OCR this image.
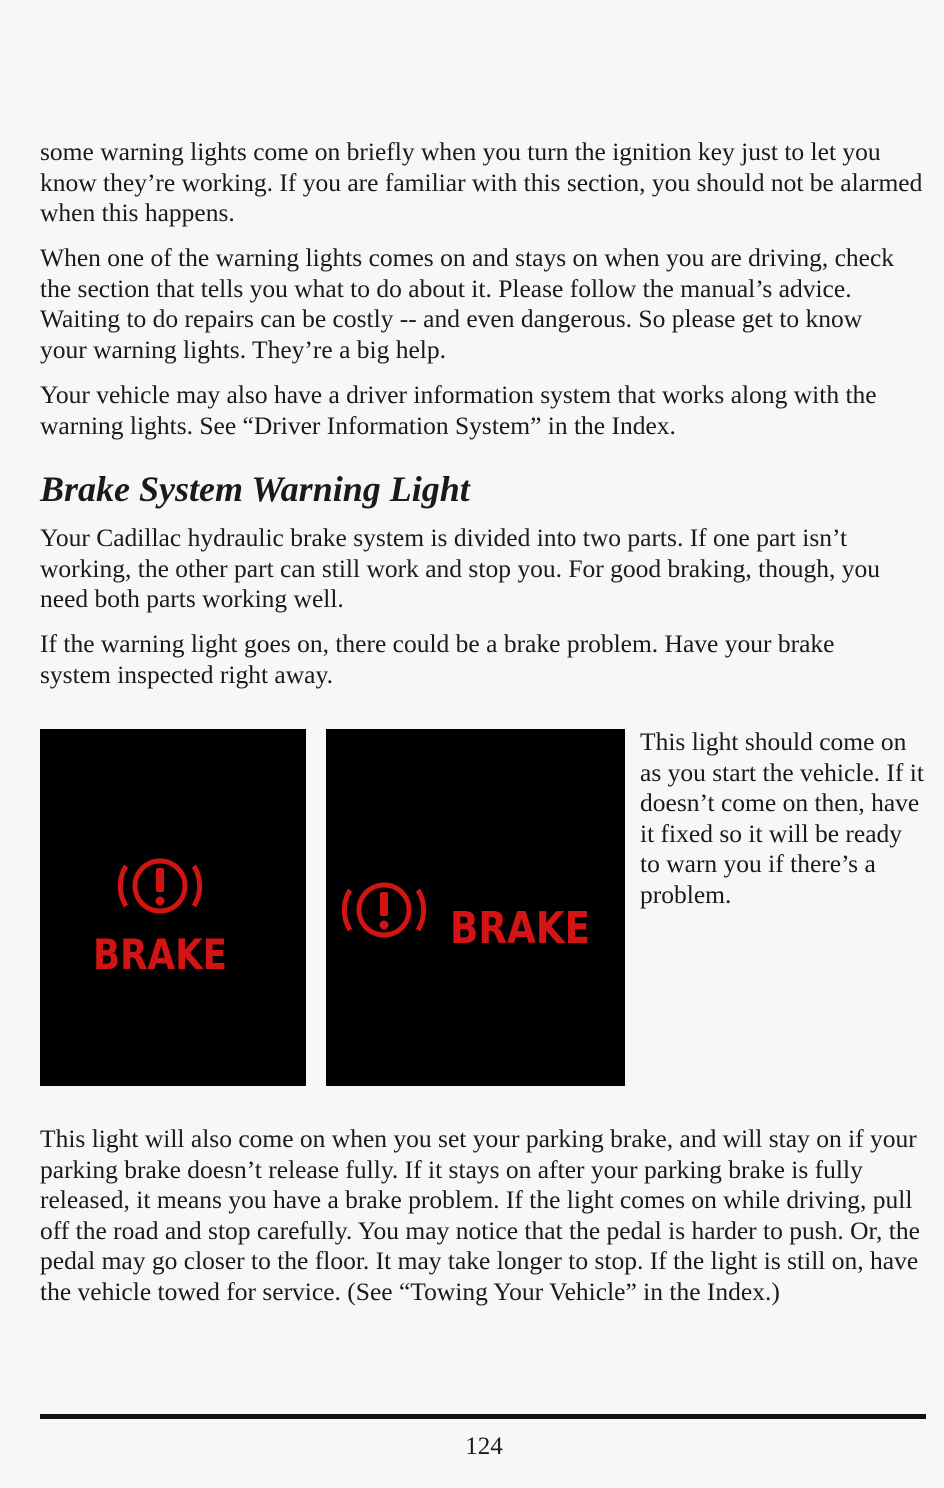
some warning lights come on briefly when you turn the ignition key just to let you know they’re working. If you are familiar with this section, you should not be alarmed when this happens.

When one of the warning lights comes on and stays on when you are driving, check the section that tells you what to do about it. Please follow the manual’s advice. Waiting to do repairs can be costly -- and even dangerous. So please get to know your warning lights. They’re a big help.

Your vehicle may also have a driver information system that works along with the warning lights. See “Driver Information System” in the Index.

Brake System Warning Light

Your Cadillac hydraulic brake system is divided into two parts. If one part isn’t working, the other part can still work and stop you. For good braking, though, you need both parts working well.

If the warning light goes on, there could be a brake problem. Have your brake system inspected right away.

BRAKE
BRAKE

This light should come on as you start the vehicle. If it doesn’t come on then, have it fixed so it will be ready to warn you if there’s a problem.

This light will also come on when you set your parking brake, and will stay on if your parking brake doesn’t release fully. If it stays on after your parking brake is fully released, it means you have a brake problem. If the light comes on while driving, pull off the road and stop carefully. You may notice that the pedal is harder to push. Or, the pedal may go closer to the floor. It may take longer to stop. If the light is still on, have the vehicle towed for service. (See “Towing Your Vehicle” in the Index.)

124
